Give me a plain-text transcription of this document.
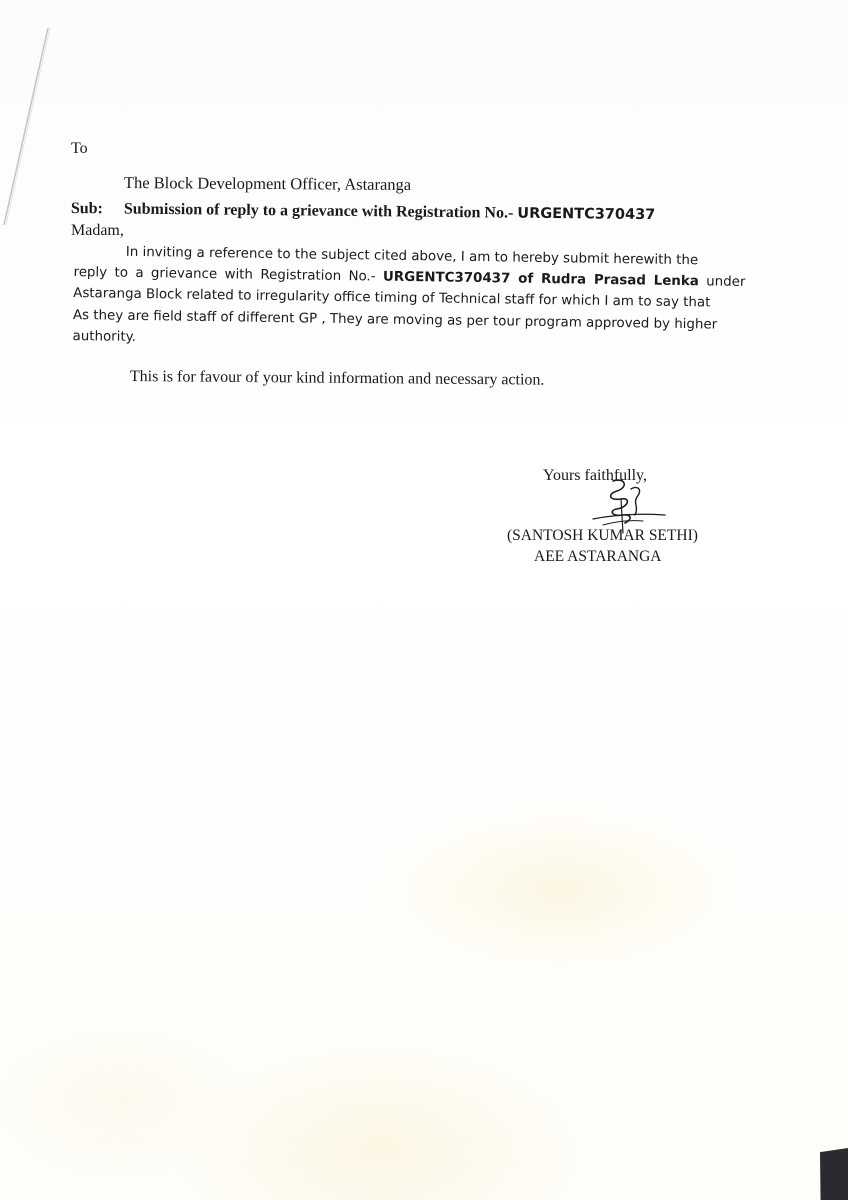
To
The Block Development Officer, Astaranga
Sub: Submission of reply to a grievance with Registration No.- URGENTC370437
Madam,
In inviting a reference to the subject cited above, I am to hereby submit herewith the
reply to a grievance with Registration No.- URGENTC370437 of Rudra Prasad Lenka under
Astaranga Block related to irregularity office timing of Technical staff for which I am to say that
As they are field staff of different GP , They are moving as per tour program approved by higher
authority.
This is for favour of your kind information and necessary action.
Yours faithfully,
(SANTOSH KUMAR SETHI)
AEE ASTARANGA
